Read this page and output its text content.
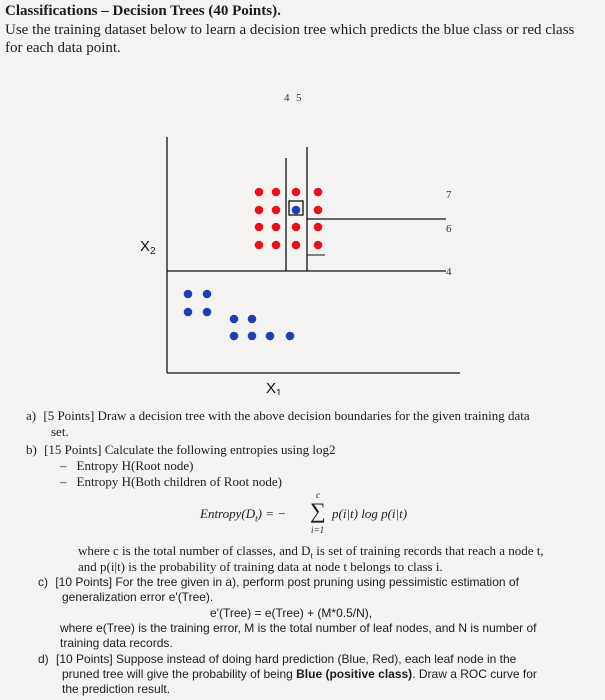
Classifications – Decision Trees (40 Points).
Use the training dataset below to learn a decision tree which predicts the blue class or red class
for each data point.
4 5
7
6
4
$X_2$
$X_1$
a) [5 Points] Draw a decision tree with the above decision boundaries for the given training data
set.
b) [15 Points] Calculate the following entropies using log2
– Entropy H(Root node)
– Entropy H(Both children of Root node)
$Entropy(D_t)$ = −
c
∑
i=1
p(i|t) log p(i|t)
where c is the total number of classes, and $D_t$ is set of training records that reach a node t,
and p(i|t) is the probability of training data at node t belongs to class i.
c) [10 Points] For the tree given in a), perform post pruning using pessimistic estimation of
generalization error e'(Tree).
e'(Tree) = e(Tree) + (M*0.5/N),
where e(Tree) is the training error, M is the total number of leaf nodes, and N is number of
training data records.
d) [10 Points] Suppose instead of doing hard prediction (Blue, Red), each leaf node in the
pruned tree will give the probability of being Blue (positive class). Draw a ROC curve for
the prediction result.
